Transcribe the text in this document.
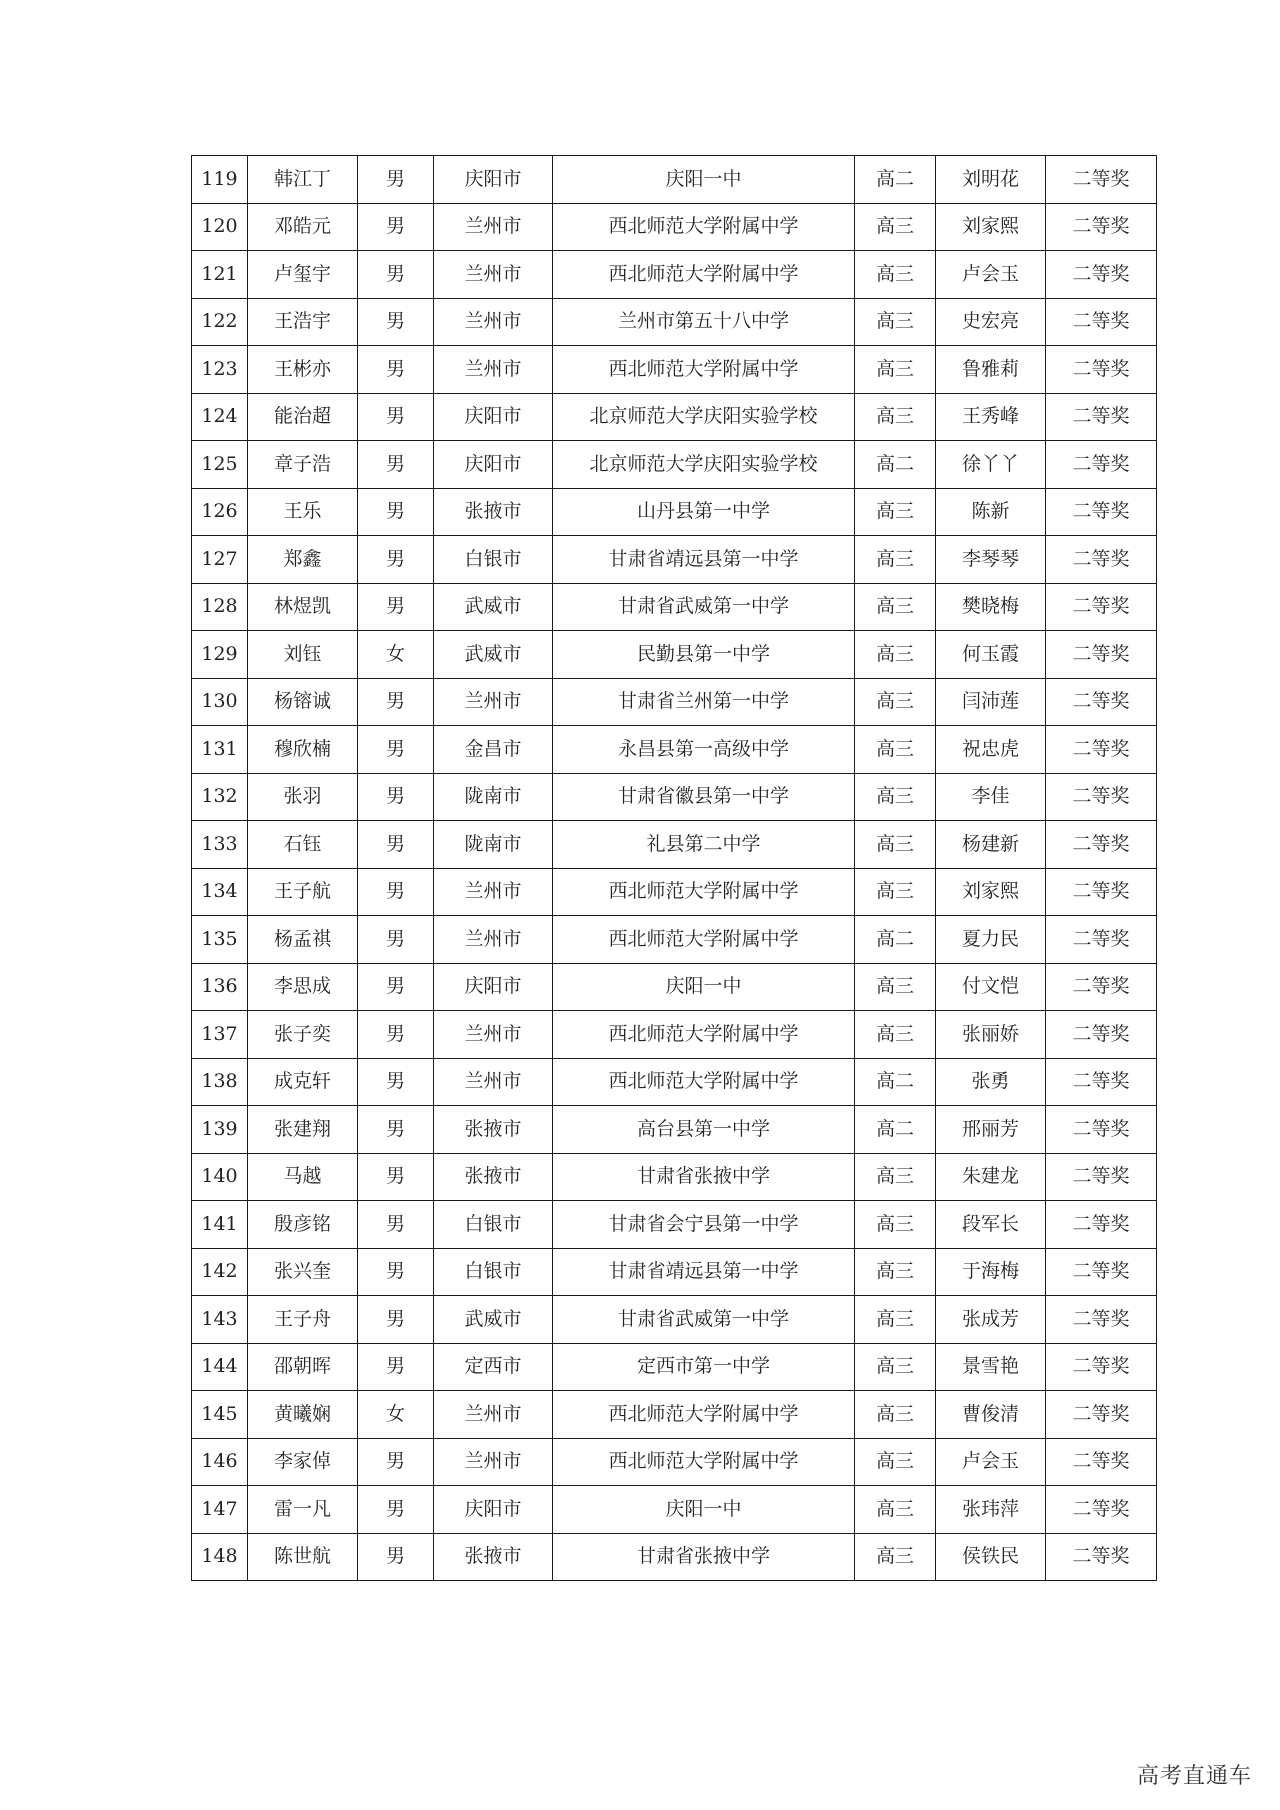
119	韩江丁	男	庆阳市	庆阳一中	高二	刘明花	二等奖
120	邓皓元	男	兰州市	西北师范大学附属中学	高三	刘家熙	二等奖
121	卢玺宇	男	兰州市	西北师范大学附属中学	高三	卢会玉	二等奖
122	王浩宇	男	兰州市	兰州市第五十八中学	高三	史宏亮	二等奖
123	王彬亦	男	兰州市	西北师范大学附属中学	高三	鲁雅莉	二等奖
124	能治超	男	庆阳市	北京师范大学庆阳实验学校	高三	王秀峰	二等奖
125	章子浩	男	庆阳市	北京师范大学庆阳实验学校	高二	徐丫丫	二等奖
126	王乐	男	张掖市	山丹县第一中学	高三	陈新	二等奖
127	郑鑫	男	白银市	甘肃省靖远县第一中学	高三	李琴琴	二等奖
128	林煜凯	男	武威市	甘肃省武威第一中学	高三	樊晓梅	二等奖
129	刘钰	女	武威市	民勤县第一中学	高三	何玉霞	二等奖
130	杨镕诚	男	兰州市	甘肃省兰州第一中学	高三	闫沛莲	二等奖
131	穆欣楠	男	金昌市	永昌县第一高级中学	高三	祝忠虎	二等奖
132	张羽	男	陇南市	甘肃省徽县第一中学	高三	李佳	二等奖
133	石钰	男	陇南市	礼县第二中学	高三	杨建新	二等奖
134	王子航	男	兰州市	西北师范大学附属中学	高三	刘家熙	二等奖
135	杨孟祺	男	兰州市	西北师范大学附属中学	高二	夏力民	二等奖
136	李思成	男	庆阳市	庆阳一中	高三	付文恺	二等奖
137	张子奕	男	兰州市	西北师范大学附属中学	高三	张丽娇	二等奖
138	成克轩	男	兰州市	西北师范大学附属中学	高二	张勇	二等奖
139	张建翔	男	张掖市	高台县第一中学	高二	邢丽芳	二等奖
140	马越	男	张掖市	甘肃省张掖中学	高三	朱建龙	二等奖
141	殷彦铭	男	白银市	甘肃省会宁县第一中学	高三	段军长	二等奖
142	张兴奎	男	白银市	甘肃省靖远县第一中学	高三	于海梅	二等奖
143	王子舟	男	武威市	甘肃省武威第一中学	高三	张成芳	二等奖
144	邵朝晖	男	定西市	定西市第一中学	高三	景雪艳	二等奖
145	黄曦娴	女	兰州市	西北师范大学附属中学	高三	曹俊清	二等奖
146	李家倬	男	兰州市	西北师范大学附属中学	高三	卢会玉	二等奖
147	雷一凡	男	庆阳市	庆阳一中	高三	张玮萍	二等奖
148	陈世航	男	张掖市	甘肃省张掖中学	高三	侯铁民	二等奖
高考直通车
